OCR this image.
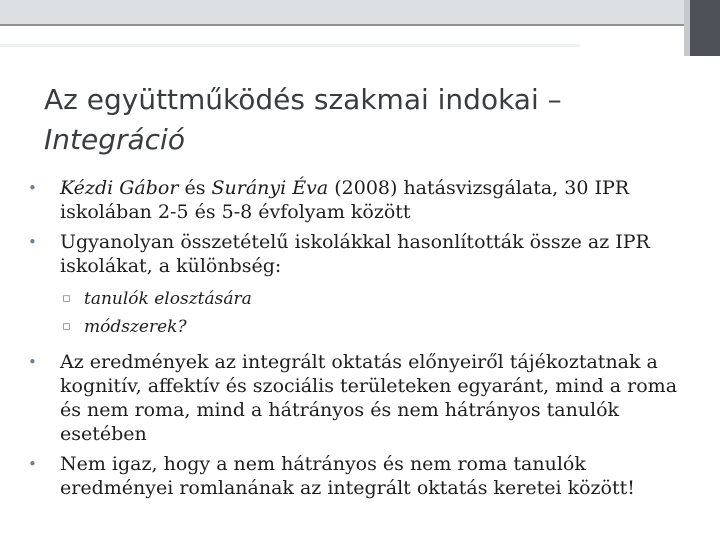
Az együttműködés szakmai indokai –
Integráció
•	Kézdi Gábor és Surányi Éva (2008) hatásvizsgálata, 30 IPR iskolában 2-5 és 5-8 évfolyam között
•	Ugyanolyan összetételű iskolákkal hasonlították össze az IPR iskolákat, a különbség:
▫ tanulók elosztására
▫ módszerek?
•	Az eredmények az integrált oktatás előnyeiről tájékoztatnak a kognitív, affektív és szociális területeken egyaránt, mind a roma és nem roma, mind a hátrányos és nem hátrányos tanulók esetében
•	Nem igaz, hogy a nem hátrányos és nem roma tanulók eredményei romlanának az integrált oktatás keretei között!
